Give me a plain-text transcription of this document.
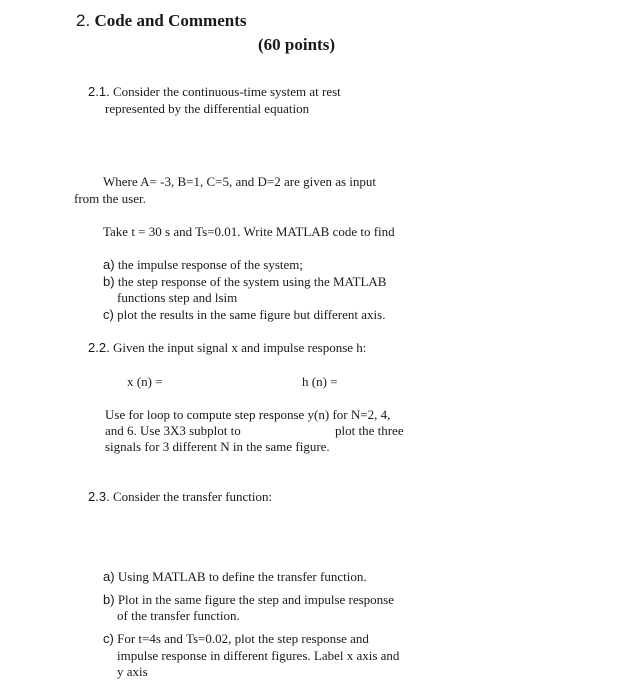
2. Code and Comments
(60 points)
2.1. Consider the continuous-time system at rest
represented by the differential equation
Where A= -3, B=1, C=5, and D=2 are given as input
from the user.
Take t = 30 s and Ts=0.01. Write MATLAB code to find
a) the impulse response of the system;
b) the step response of the system using the MATLAB
functions step and lsim
c) plot the results in the same figure but different axis.
2.2. Given the input signal x and impulse response h:
x (n) =	h (n) =
Use for loop to compute step response y(n) for N=2, 4,
and 6. Use 3X3 subplot to	plot the three
signals for 3 different N in the same figure.
2.3. Consider the transfer function:
a) Using MATLAB to define the transfer function.
b) Plot in the same figure the step and impulse response
of the transfer function.
c) For t=4s and Ts=0.02, plot the step response and
impulse response in different figures. Label x axis and
y axis
